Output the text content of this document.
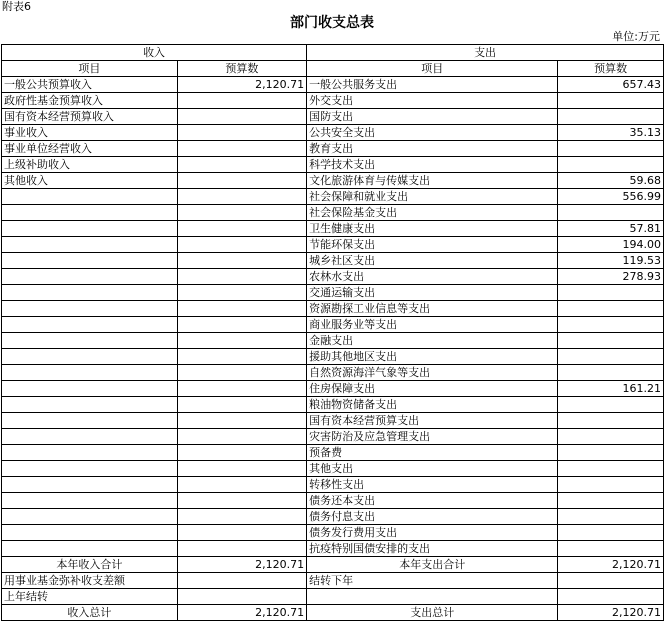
附表6
部门收支总表
单位:万元
收入		支出	
项目	预算数	项目	预算数
一般公共预算收入	2,120.71	一般公共服务支出	657.43
政府性基金预算收入		外交支出	
国有资本经营预算收入		国防支出	
事业收入		公共安全支出	35.13
事业单位经营收入		教育支出	
上级补助收入		科学技术支出	
其他收入		文化旅游体育与传媒支出	59.68
		社会保障和就业支出	556.99
		社会保险基金支出	
		卫生健康支出	57.81
		节能环保支出	194.00
		城乡社区支出	119.53
		农林水支出	278.93
		交通运输支出	
		资源勘探工业信息等支出	
		商业服务业等支出	
		金融支出	
		援助其他地区支出	
		自然资源海洋气象等支出	
		住房保障支出	161.21
		粮油物资储备支出	
		国有资本经营预算支出	
		灾害防治及应急管理支出	
		预备费	
		其他支出	
		转移性支出	
		债务还本支出	
		债务付息支出	
		债务发行费用支出	
		抗疫特别国债安排的支出	
本年收入合计	2,120.71	本年支出合计	2,120.71
用事业基金弥补收支差额		结转下年	
上年结转			
收入总计	2,120.71	支出总计	2,120.71
